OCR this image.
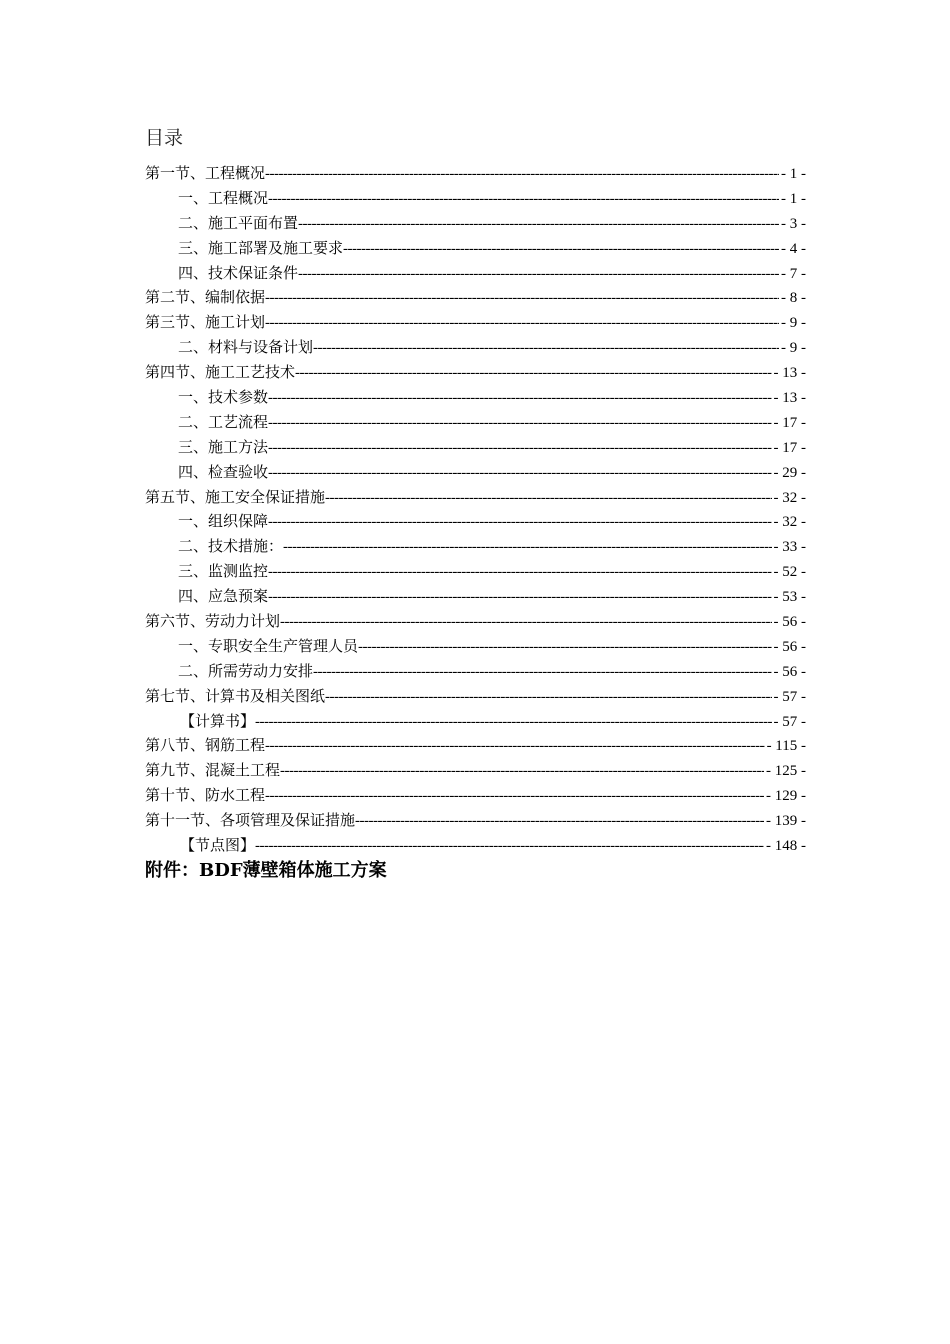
目录
第一节、工程概况 -----	- 1 -
一、工程概况 -----	- 1 -
二、施工平面布置 -----	- 3 -
三、施工部署及施工要求 -----	- 4 -
四、技术保证条件 -----	- 7 -
第二节、编制依据 -----	- 8 -
第三节、施工计划 -----	- 9 -
二、材料与设备计划 -----	- 9 -
第四节、施工工艺技术 -----	- 13 -
一、技术参数 -----	- 13 -
二、工艺流程 -----	- 17 -
三、施工方法 -----	- 17 -
四、检查验收 -----	- 29 -
第五节、施工安全保证措施 -----	- 32 -
一、组织保障 -----	- 32 -
二、技术措施： -----	- 33 -
三、监测监控 -----	- 52 -
四、应急预案 -----	- 53 -
第六节、劳动力计划 -----	- 56 -
一、专职安全生产管理人员 -----	- 56 -
二、所需劳动力安排 -----	- 56 -
第七节、计算书及相关图纸 -----	- 57 -
【计算书】 -----	- 57 -
第八节、钢筋工程 -----	- 115 -
第九节、混凝土工程 -----	- 125 -
第十节、防水工程 -----	- 129 -
第十一节、各项管理及保证措施 -----	- 139 -
【节点图】 -----	- 148 -
附件：BDF薄壁箱体施工方案
